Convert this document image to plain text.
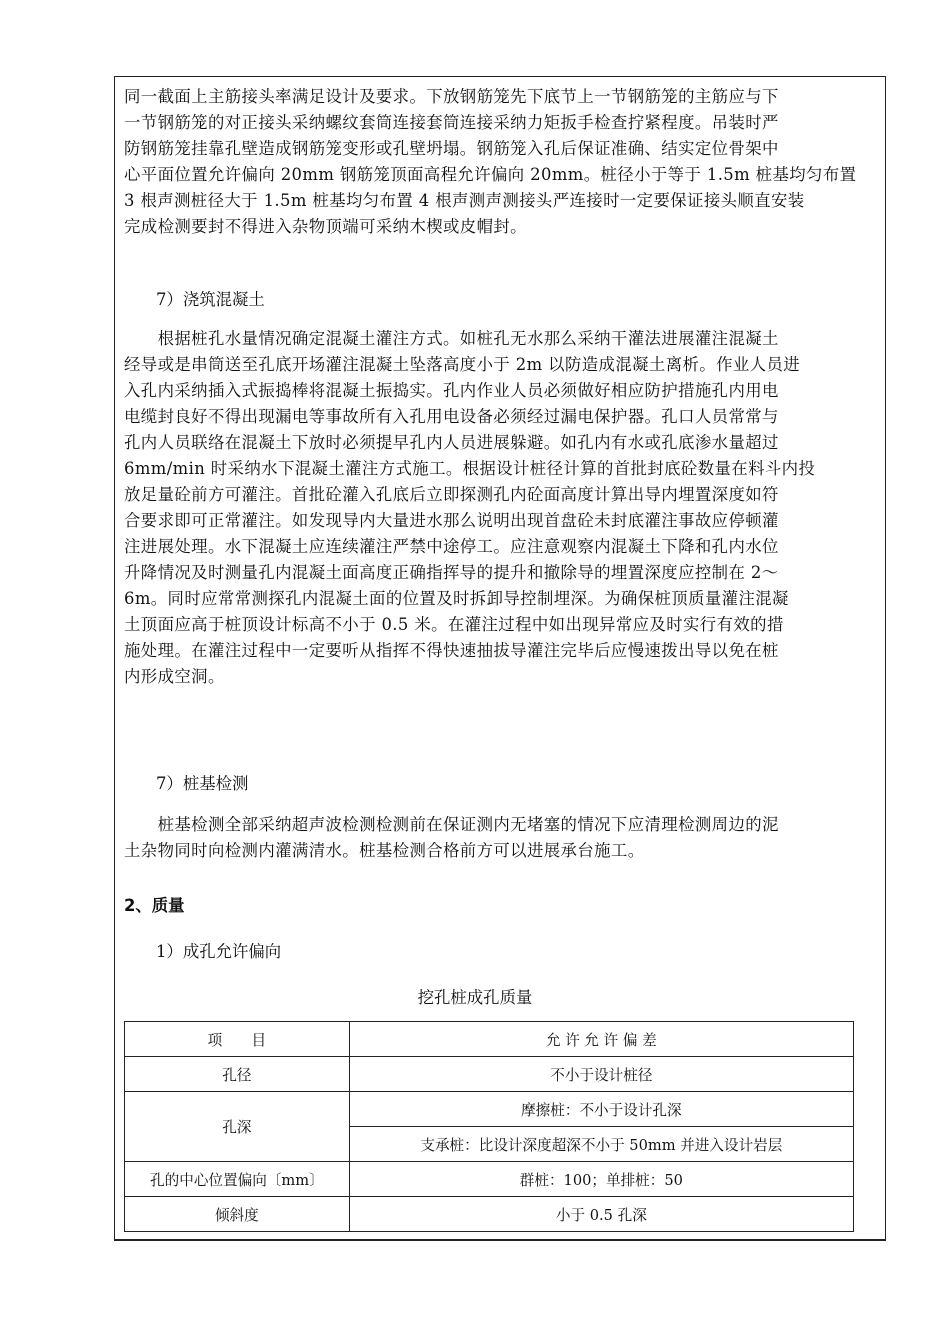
同一截面上主筋接头率满足设计及要求。下放钢筋笼先下底节上一节钢筋笼的主筋应与下
一节钢筋笼的对正接头采纳螺纹套筒连接套筒连接采纳力矩扳手检查拧紧程度。吊装时严
防钢筋笼挂靠孔壁造成钢筋笼变形或孔壁坍塌。钢筋笼入孔后保证准确、结实定位骨架中
心平面位置允许偏向 20mm 钢筋笼顶面高程允许偏向 20mm。桩径小于等于 1.5m 桩基均匀布置
3 根声测桩径大于 1.5m 桩基均匀布置 4 根声测声测接头严连接时一定要保证接头顺直安装
完成检测要封不得进入杂物顶端可采纳木楔或皮帽封。
7）浇筑混凝土
　　根据桩孔水量情况确定混凝土灌注方式。如桩孔无水那么采纳干灌法进展灌注混凝土
经导或是串筒送至孔底开场灌注混凝土坠落高度小于 2m 以防造成混凝土离析。作业人员进
入孔内采纳插入式振捣棒将混凝土振捣实。孔内作业人员必须做好相应防护措施孔内用电
电缆封良好不得出现漏电等事故所有入孔用电设备必须经过漏电保护器。孔口人员常常与
孔内人员联络在混凝土下放时必须提早孔内人员进展躲避。如孔内有水或孔底渗水量超过
6mm/min 时采纳水下混凝土灌注方式施工。根据设计桩径计算的首批封底砼数量在料斗内投
放足量砼前方可灌注。首批砼灌入孔底后立即探测孔内砼面高度计算出导内埋置深度如符
合要求即可正常灌注。如发现导内大量进水那么说明出现首盘砼未封底灌注事故应停顿灌
注进展处理。水下混凝土应连续灌注严禁中途停工。应注意观察内混凝土下降和孔内水位
升降情况及时测量孔内混凝土面高度正确指挥导的提升和撤除导的埋置深度应控制在 2～
6m。同时应常常测探孔内混凝土面的位置及时拆卸导控制埋深。为确保桩顶质量灌注混凝
土顶面应高于桩顶设计标高不小于 0.5 米。在灌注过程中如出现异常应及时实行有效的措
施处理。在灌注过程中一定要听从指挥不得快速抽拔导灌注完毕后应慢速拨出导以免在桩
内形成空洞。
7）桩基检测
　　桩基检测全部采纳超声波检测检测前在保证测内无堵塞的情况下应清理检测周边的泥
土杂物同时向检测内灌满清水。桩基检测合格前方可以进展承台施工。
2、质量
1）成孔允许偏向
挖孔桩成孔质量
项　　目	允 许 允 许 偏 差
孔径	不小于设计桩径
孔深	摩擦桩：不小于设计孔深
	支承桩：比设计深度超深不小于 50mm 并进入设计岩层
孔的中心位置偏向〔mm〕	群桩：100；单排桩：50
倾斜度	小于 0.5 孔深
